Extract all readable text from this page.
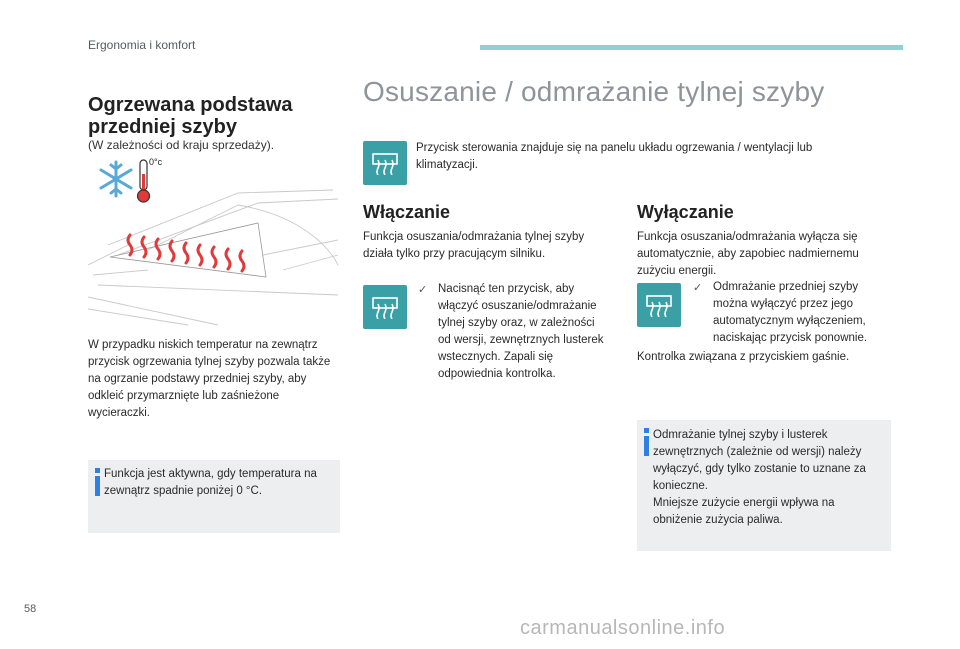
Ergonomia i komfort
Ogrzewana podstawa przedniej szyby
(W zależności od kraju sprzedaży).
0°c
W przypadku niskich temperatur na zewnątrz przycisk ogrzewania tylnej szyby pozwala także na ogrzanie podstawy przedniej szyby, aby odkleić przymarznięte lub zaśnieżone wycieraczki.
Funkcja jest aktywna, gdy temperatura na zewnątrz spadnie poniżej 0 °C.
Osuszanie / odmrażanie tylnej szyby
Przycisk sterowania znajduje się na panelu układu ogrzewania / wentylacji lub klimatyzacji.
Włączanie
Funkcja osuszania/odmrażania tylnej szyby działa tylko przy pracującym silniku.
✓ Nacisnąć ten przycisk, aby włączyć osuszanie/odmrażanie tylnej szyby oraz, w zależności od wersji, zewnętrznych lusterek wstecznych. Zapali się odpowiednia kontrolka.
Wyłączanie
Funkcja osuszania/odmrażania wyłącza się automatycznie, aby zapobiec nadmiernemu zużyciu energii.
✓ Odmrażanie przedniej szyby można wyłączyć przez jego automatycznym wyłączeniem, naciskając przycisk ponownie.
Kontrolka związana z przyciskiem gaśnie.
Odmrażanie tylnej szyby i lusterek zewnętrznych (zależnie od wersji) należy wyłączyć, gdy tylko zostanie to uznane za konieczne.
Mniejsze zużycie energii wpływa na obniżenie zużycia paliwa.
58
carmanualsonline.info
